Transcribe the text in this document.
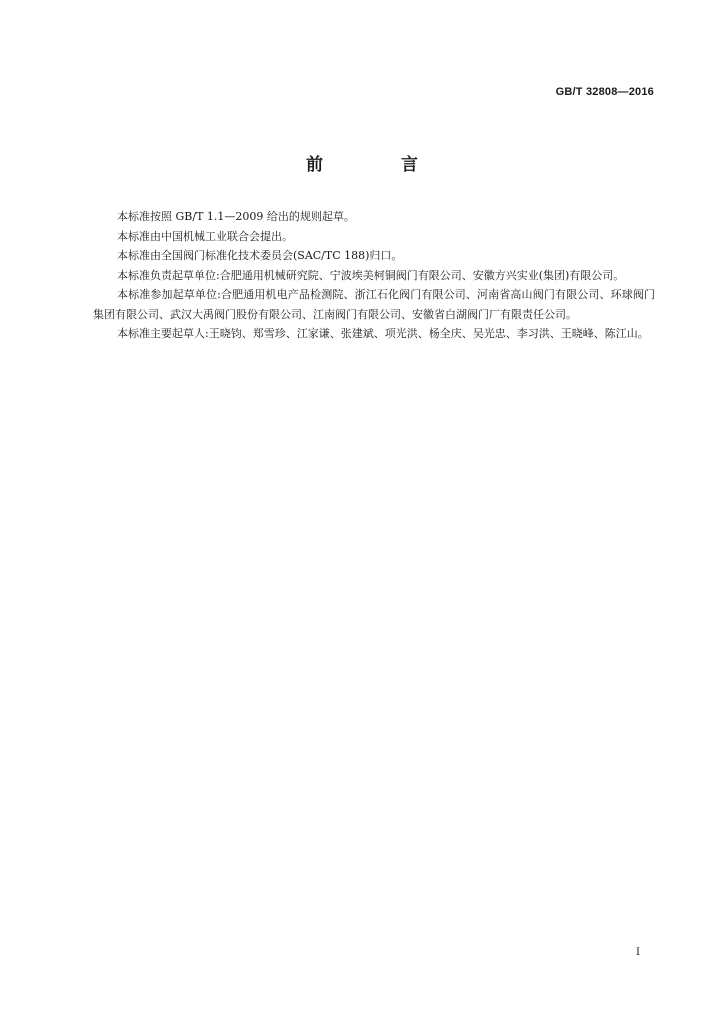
GB/T 32808—2016
前 言

本标准按照 GB/T 1.1—2009 给出的规则起草。

本标准由中国机械工业联合会提出。

本标准由全国阀门标准化技术委员会(SAC/TC 188)归口。

本标准负责起草单位:合肥通用机械研究院、宁波埃美柯铜阀门有限公司、安徽方兴实业(集团)有限公司。

本标准参加起草单位:合肥通用机电产品检测院、浙江石化阀门有限公司、河南省高山阀门有限公司、环球阀门集团有限公司、武汉大禹阀门股份有限公司、江南阀门有限公司、安徽省白湖阀门厂有限责任公司。

本标准主要起草人:王晓钧、郑雪珍、江家谦、张建斌、项光洪、杨全庆、吴光忠、李习洪、王晓峰、陈江山。

I
